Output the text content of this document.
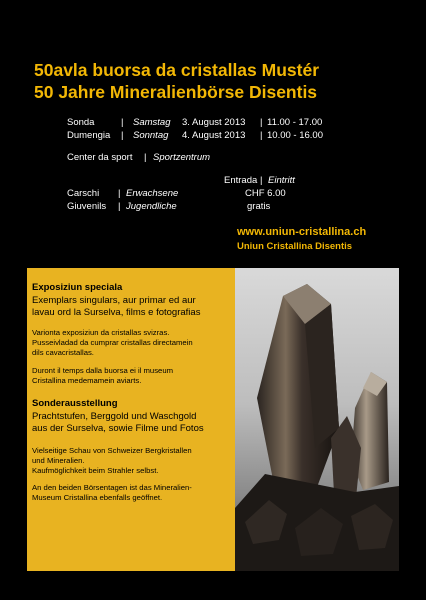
50avla buorsa da cristallas Mustér
50 Jahre Mineralienbörse Disentis
Sonda	| Samstag 3. August 2013 | 11.00 - 17.00
Dumengia | Sonntag 4. August 2013 | 10.00 - 16.00
Center da sport | Sportzentrum
Entrada | Eintritt
Carschi | Erwachsene	CHF 6.00
Giuvenils | Jugendliche	gratis
www.uniun-cristallina.ch
Uniun Cristallina Disentis
Exposiziun speciala
Exemplars singulars, aur primar ed aur
lavau ord la Surselva, films e fotografias
Varionta exposiziun da cristallas svizras.
Pusseivladad da cumprar cristallas directamein
dils cavacristallas.
Duront il temps dalla buorsa ei il museum
Cristallina medemamein aviarts.
Sonderausstellung
Prachtstufen, Berggold und Waschgold
aus der Surselva, sowie Filme und Fotos
Vielseitige Schau von Schweizer Bergkristallen
und Mineralien.
Kaufmöglichkeit beim Strahler selbst.
An den beiden Börsentagen ist das Mineralien-
Museum Cristallina ebenfalls geöffnet.
